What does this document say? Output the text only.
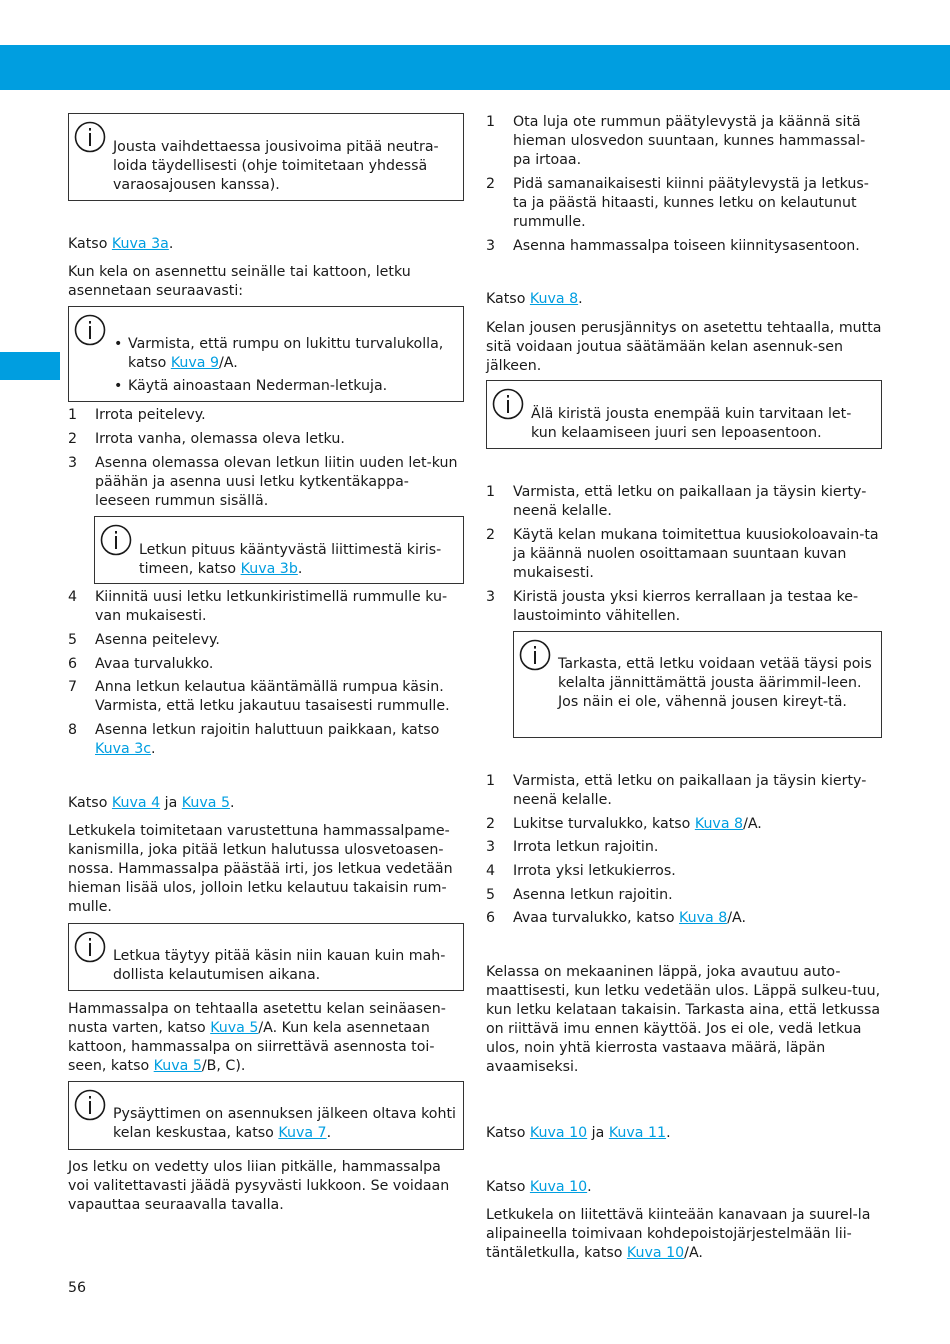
Jousta vaihdettaessa jousivoima pitää neutra-loida täydellisesti (ohje toimitetaan yhdessä varaosajousen kanssa).

Katso Kuva 3a.

Kun kela on asennettu seinälle tai kattoon, letku asennetaan seuraavasti:

• Varmista, että rumpu on lukittu turvalukolla, katso Kuva 9/A.
• Käytä ainoastaan Nederman-letkuja.
1 Irrota peitelevy.
2 Irrota vanha, olemassa oleva letku.
3 Asenna olemassa olevan letkun liitin uuden let-kun päähän ja asenna uusi letku kytkentäkappa-leeseen rummun sisällä.

Letkun pituus kääntyvästä liittimestä kiris-timeen, katso Kuva 3b.

4 Kiinnitä uusi letku letkunkiristimellä rummulle ku-van mukaisesti.
5 Asenna peitelevy.
6 Avaa turvalukko.
7 Anna letkun kelautua kääntämällä rumpua käsin. Varmista, että letku jakautuu tasaisesti rummulle.
8 Asenna letkun rajoitin haluttuun paikkaan, katso Kuva 3c.

Katso Kuva 4 ja Kuva 5.

Letkukela toimitetaan varustettuna hammassalpame-kanismilla, joka pitää letkun halutussa ulosvetoasen-nossa. Hammassalpa päästää irti, jos letkua vedetään hieman lisää ulos, jolloin letku kelautuu takaisin rum-mulle.

Letkua täytyy pitää käsin niin kauan kuin mah-dollista kelautumisen aikana.

Hammassalpa on tehtaalla asetettu kelan seinäasen-nusta varten, katso Kuva 5/A. Kun kela asennetaan kattoon, hammassalpa on siirrettävä asennosta toi-seen, katso Kuva 5/B, C).

Pysäyttimen on asennuksen jälkeen oltava kohti kelan keskustaa, katso Kuva 7.

Jos letku on vedetty ulos liian pitkälle, hammassalpa voi valitettavasti jäädä pysyvästi lukkoon. Se voidaan vapauttaa seuraavalla tavalla.

1 Ota luja ote rummun päätylevystä ja käännä sitä hieman ulosvedon suuntaan, kunnes hammassal-pa irtoaa.
2 Pidä samanaikaisesti kiinni päätylevystä ja letkus-ta ja päästä hitaasti, kunnes letku on kelautunut rummulle.
3 Asenna hammassalpa toiseen kiinnitysasentoon.

Katso Kuva 8.

Kelan jousen perusjännitys on asetettu tehtaalla, mutta sitä voidaan joutua säätämään kelan asennuk-sen jälkeen.

Älä kiristä jousta enempää kuin tarvitaan let-kun kelaamiseen juuri sen lepoasentoon.

1 Varmista, että letku on paikallaan ja täysin kierty-neenä kelalle.
2 Käytä kelan mukana toimitettua kuusiokoloavain-ta ja käännä nuolen osoittamaan suuntaan kuvan mukaisesti.
3 Kiristä jousta yksi kierros kerrallaan ja testaa ke-laustoiminto vähitellen.

Tarkasta, että letku voidaan vetää täysi pois kelalta jännittämättä jousta äärimmil-leen. Jos näin ei ole, vähennä jousen kireyt-tä.

1 Varmista, että letku on paikallaan ja täysin kierty-neenä kelalle.
2 Lukitse turvalukko, katso Kuva 8/A.
3 Irrota letkun rajoitin.
4 Irrota yksi letkukierros.
5 Asenna letkun rajoitin.
6 Avaa turvalukko, katso Kuva 8/A.

Kelassa on mekaaninen läppä, joka avautuu auto-maattisesti, kun letku vedetään ulos. Läppä sulkeu-tuu, kun letku kelataan takaisin. Tarkasta aina, että letkussa on riittävä imu ennen käyttöä. Jos ei ole, vedä letkua ulos, noin yhtä kierrosta vastaava määrä, läpän avaamiseksi.

Katso Kuva 10 ja Kuva 11.

Katso Kuva 10.

Letkukela on liitettävä kiinteään kanavaan ja suurel-la alipaineella toimivaan kohdepoistojärjestelmään lii-täntäletkulla, katso Kuva 10/A.

56
